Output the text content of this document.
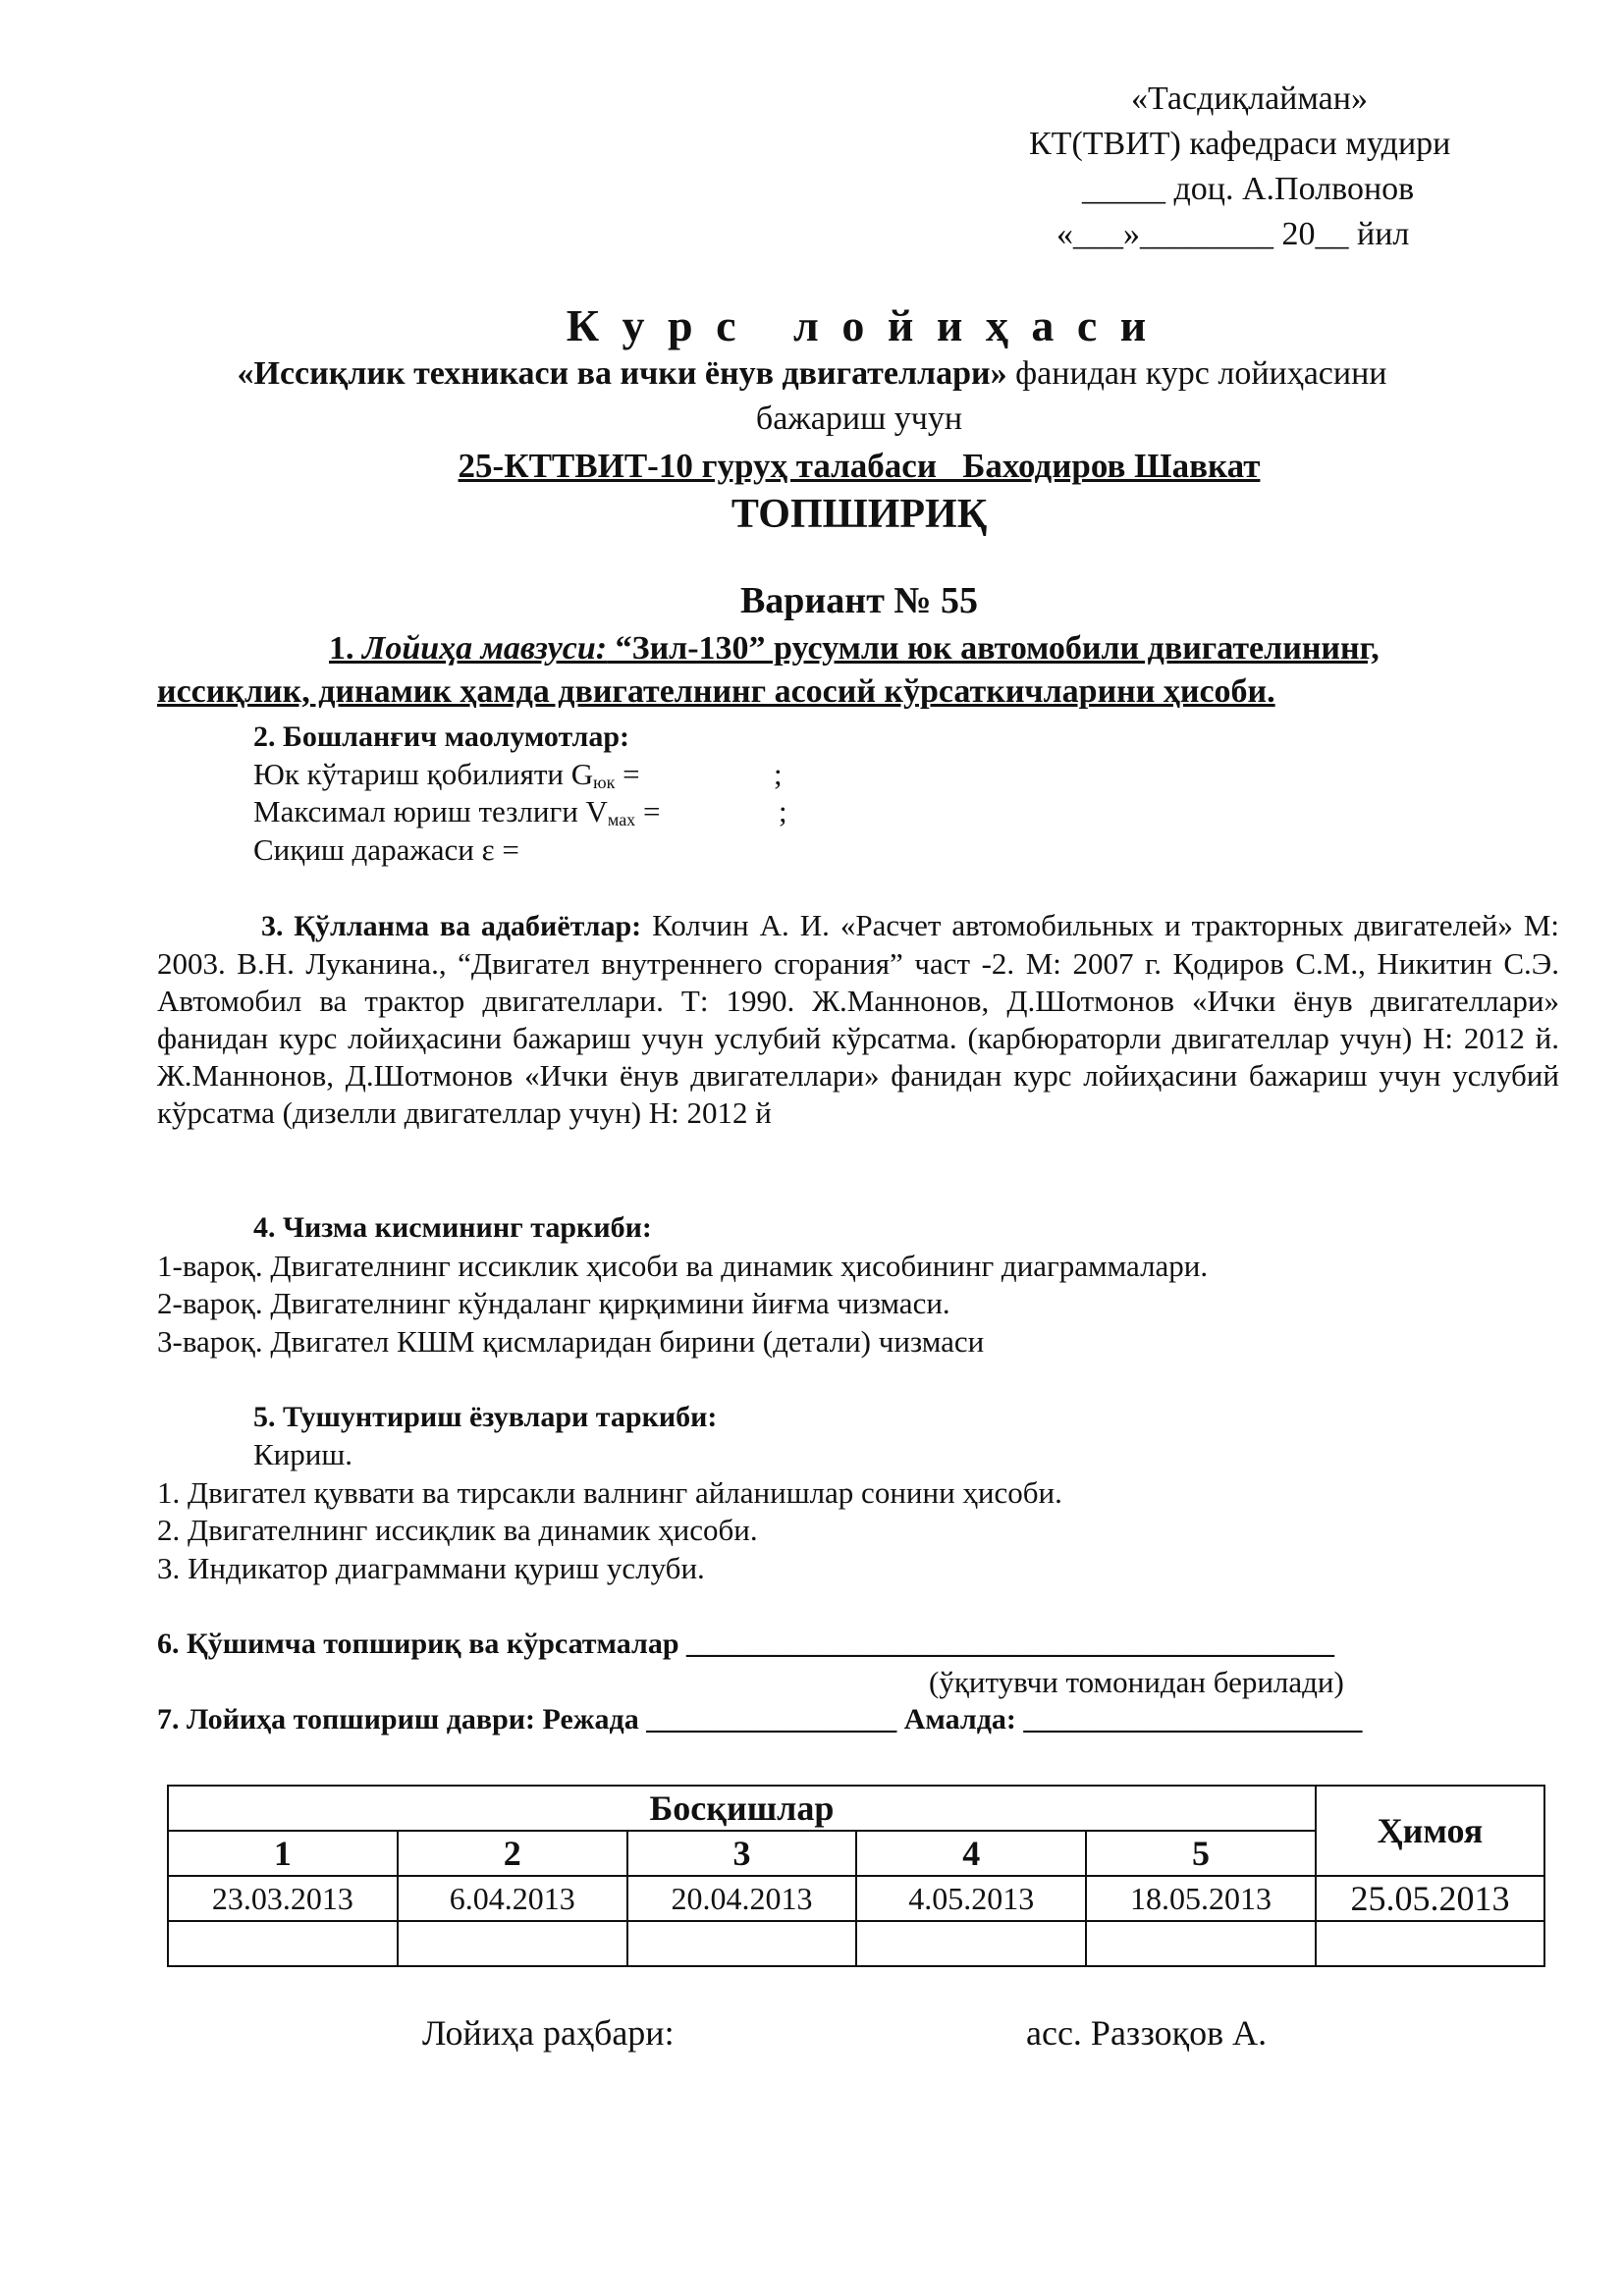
«Тасдиқлайман»
КТ(ТВИТ) кафедраси мудири
_____ доц. А.Полвонов
«___»________ 20__ йил
К у р с   л о й и ҳ а с и
«Иссиқлик техникаси ва ички ёнув двигателлари» фанидан курс лойиҳасини
бажариш учун
25-КТТВИТ-10 гуруҳ талабаси   Баходиров Шавкат
ТОПШИРИҚ
Вариант № 55
1. Лойиҳа мавзуси: “Зил-130” русумли юк автомобили двигателининг,
иссиқлик, динамик ҳамда двигателнинг асосий кўрсаткичларини ҳисоби.
2. Бошланғич маолумотлар:
Юк кўтариш қобилияти $G_{юк}$ =	;
Максимал юриш тезлиги $V_{мах}$ =	;
Сиқиш даражаси ε =
3. Қўлланма ва адабиётлар: Колчин А. И. «Расчет автомобильных и тракторных двигателей» М: 2003. В.Н. Луканина., “Двигател внутреннего сгорания” част -2. М: 2007 г. Қодиров С.М., Никитин С.Э. Автомобил ва трактор двигателлари. Т: 1990. Ж.Маннонов, Д.Шотмонов «Ички ёнув двигателлари» фанидан курс лойиҳасини бажариш учун услубий кўрсатма. (карбюраторли двигателлар учун) Н: 2012 й. Ж.Маннонов, Д.Шотмонов «Ички ёнув двигателлари» фанидан курс лойиҳасини бажариш учун услубий кўрсатма (дизелли двигателлар учун) Н: 2012 й
4. Чизма кисмининг таркиби:
1-вароқ. Двигателнинг иссиклик ҳисоби ва динамик ҳисобининг диаграммалари.
2-вароқ. Двигателнинг кўндаланг қирқимини йиғма чизмаси.
3-вароқ. Двигател КШМ қисмларидан бирини (детали) чизмаси
5. Тушунтириш ёзувлари таркиби:
Кириш.
1. Двигател қуввати ва тирсакли валнинг айланишлар сонини ҳисоби.
2. Двигателнинг иссиқлик ва динамик ҳисоби.
3. Индикатор диаграммани қуриш услуби.
6. Қўшимча топшириқ ва кўрсатмалар ____________________________________________
(ўқитувчи томонидан берилади)
7. Лойиҳа топшириш даври: Режада _________________ Амалда: _______________________
Босқишлар					Ҳимоя
1	2	3	4	5	
23.03.2013	6.04.2013	20.04.2013	4.05.2013	18.05.2013	25.05.2013

Лойиҳа раҳбари:	асс. Раззоқов А.
